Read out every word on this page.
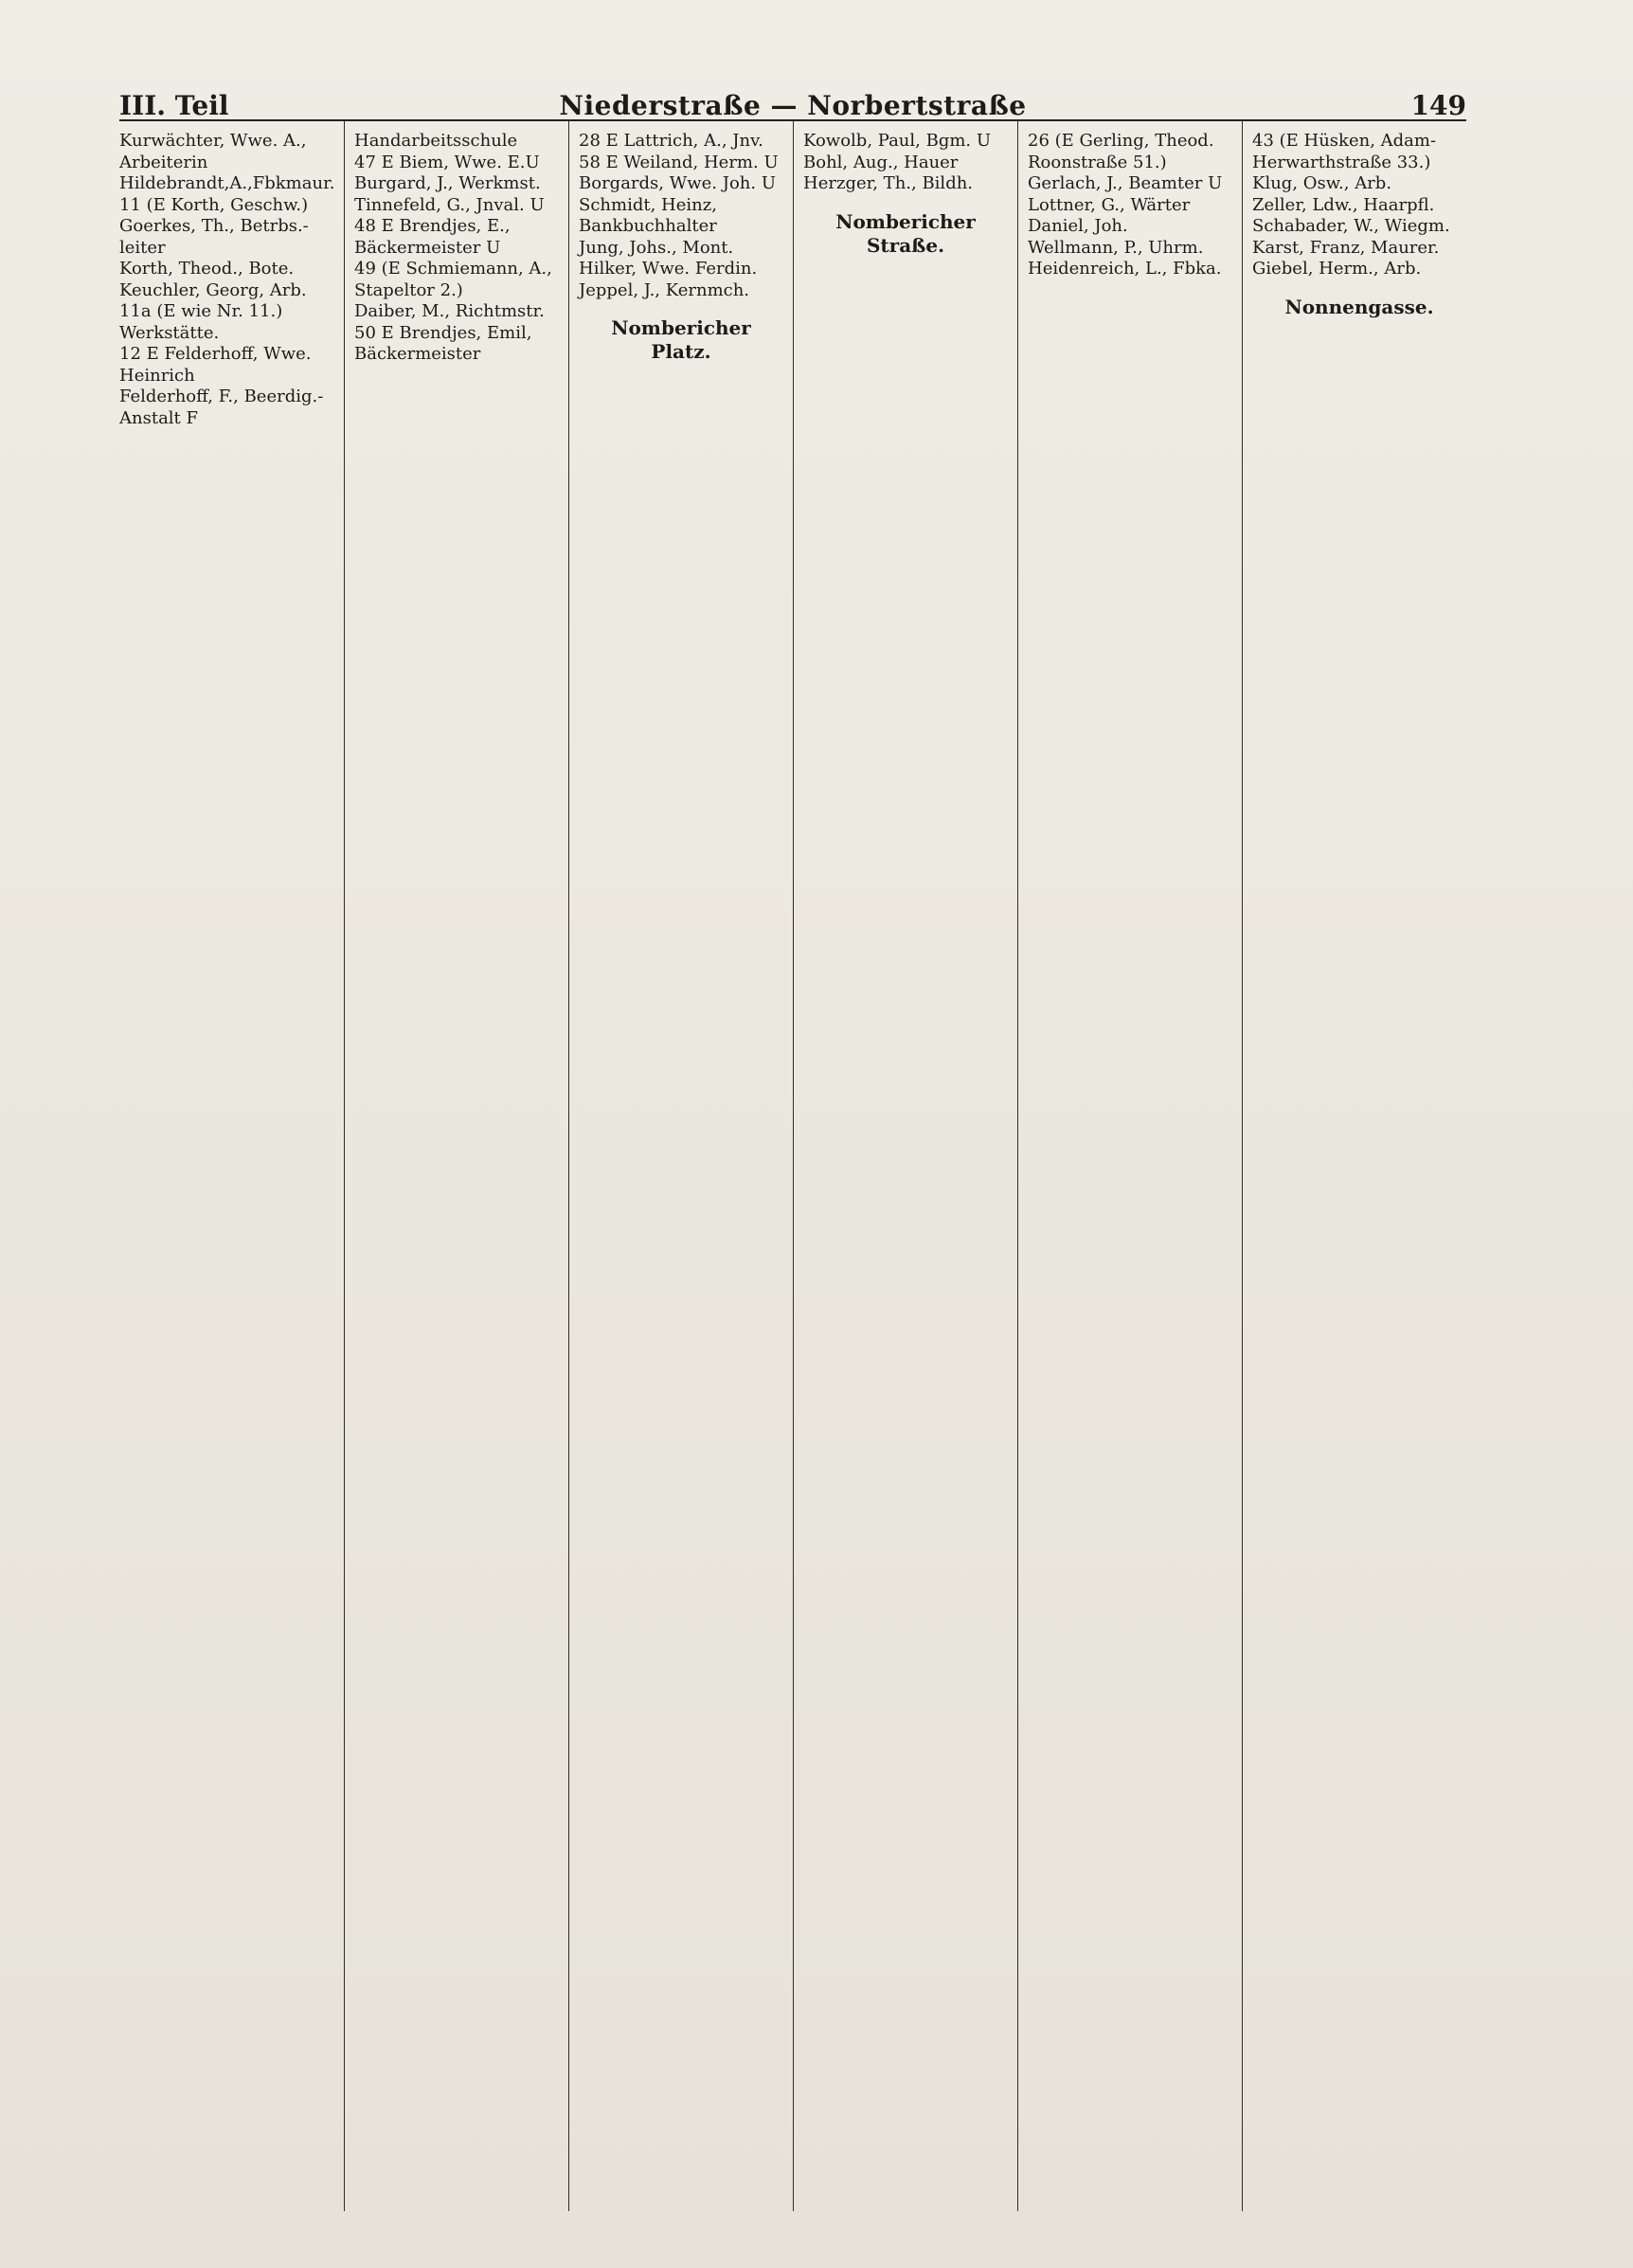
III. Teil	Niederstraße — Norbertstraße	149

Kurwächter, Wwe. A., Arbeiterin

Hildebrandt,A.,Fbkmaur.

11 (E Korth, Geschw.)

Goerkes, Th., Betrbs.-leiter

Korth, Theod., Bote.

Keuchler, Georg, Arb.

11a (E wie Nr. 11.)

Werkstätte.

12 E Felderhoff, Wwe. Heinrich

Felderhoff, F., Beerdig.-Anstalt F

Handarbeitsschule

47 E Biem, Wwe. E.U

Burgard, J., Werkmst.

Tinnefeld, G., Jnval. U

48 E Brendjes, E., Bäckermeister U

49 (E Schmiemann, A., Stapeltor 2.)

Daiber, M., Richtmstr.

50 E Brendjes, Emil, Bäckermeister

28 E Lattrich, A., Jnv.

58 E Weiland, Herm. U

Borgards, Wwe. Joh. U

Schmidt, Heinz, Bankbuchhalter

Jung, Johs., Mont.

Hilker, Wwe. Ferdin.

Jeppel, J., Kernmch.

Nombericher Platz.

Kowolb, Paul, Bgm. U

Bohl, Aug., Hauer

Herzger, Th., Bildh.

Nombericher Straße.

26 (E Gerling, Theod. Roonstraße 51.)

Gerlach, J., Beamter U

Lottner, G., Wärter

Daniel, Joh.

Wellmann, P., Uhrm.

Heidenreich, L., Fbka.

43 (E Hüsken, Adam-Herwarthstraße 33.)

Klug, Osw., Arb.

Zeller, Ldw., Haarpfl.

Schabader, W., Wiegm.

Karst, Franz, Maurer.

Giebel, Herm., Arb.

Nonnengasse.
